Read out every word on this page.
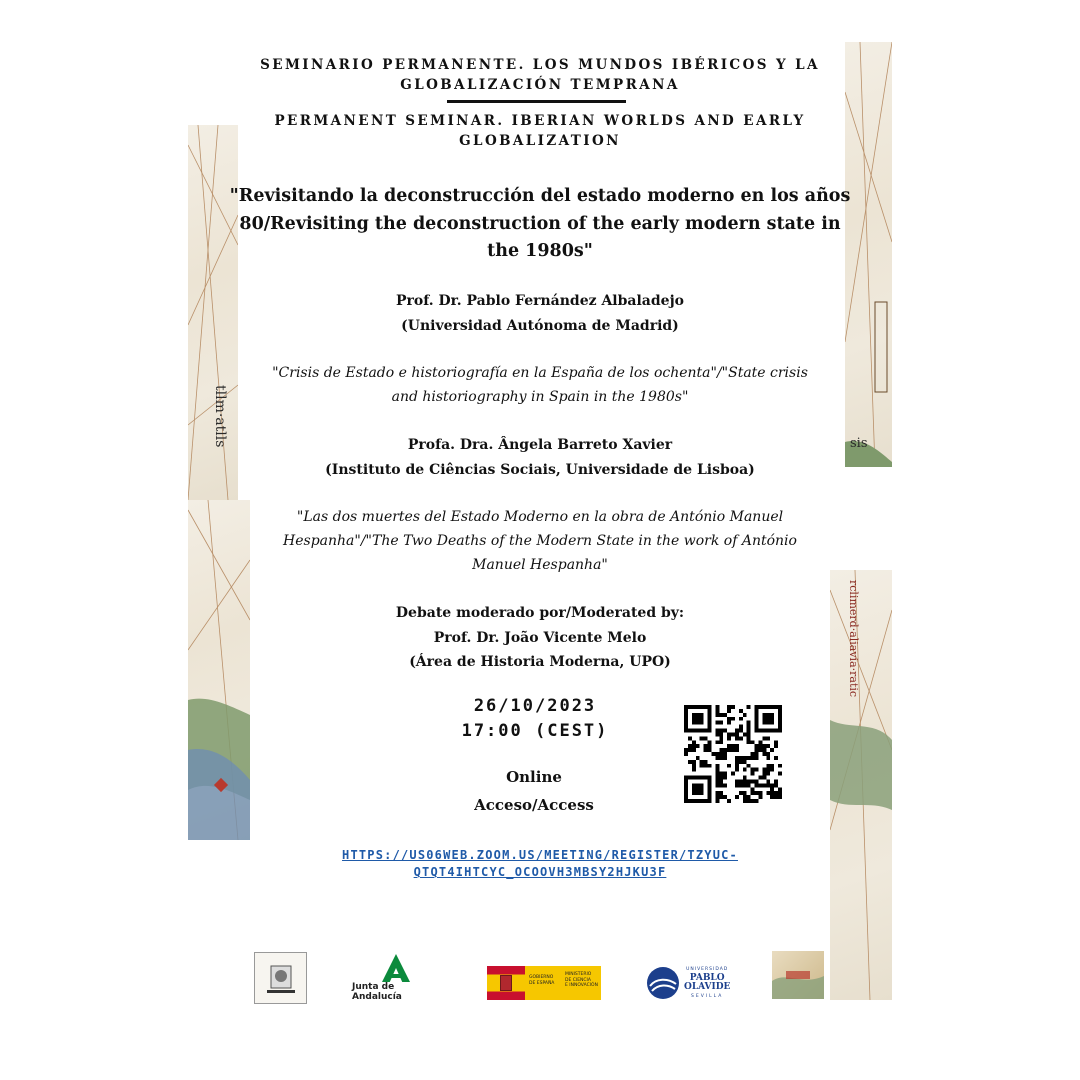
tllm·atlls	sis
rclimerd·aliavia·ratic
SEMINARIO PERMANENTE. LOS MUNDOS IBÉRICOS Y LA
GLOBALIZACIÓN TEMPRANA
PERMANENT SEMINAR. IBERIAN WORLDS AND EARLY
GLOBALIZATION
"Revisitando la deconstrucción del estado moderno en los años
80/Revisiting the deconstruction of the early modern state in
the 1980s"
Prof. Dr. Pablo Fernández Albaladejo
(Universidad Autónoma de Madrid)
"Crisis de Estado e historiografía en la España de los ochenta"/"State crisis
and historiography in Spain in the 1980s"
Profa. Dra. Ângela Barreto Xavier
(Instituto de Ciências Sociais, Universidade de Lisboa)
"Las dos muertes del Estado Moderno en la obra de António Manuel
Hespanha"/"The Two Deaths of the Modern State in the work of António
Manuel Hespanha"
Debate moderado por/Moderated by:
Prof. Dr. João Vicente Melo
(Área de Historia Moderna, UPO)
26/10/2023
17:00 (CEST)
Online
Acceso/Access
HTTPS://US06WEB.ZOOM.US/MEETING/REGISTER/TZYUC-
QTQT4IHTCYC_OCOOVH3MBSY2HJKU3F
Junta de Andalucía
GOBIERNO
DE ESPAÑA
MINISTERIO
DE CIENCIA
E INNOVACIÓN
UNIVERSIDAD
PABLO
OLAVIDE
SEVILLA
